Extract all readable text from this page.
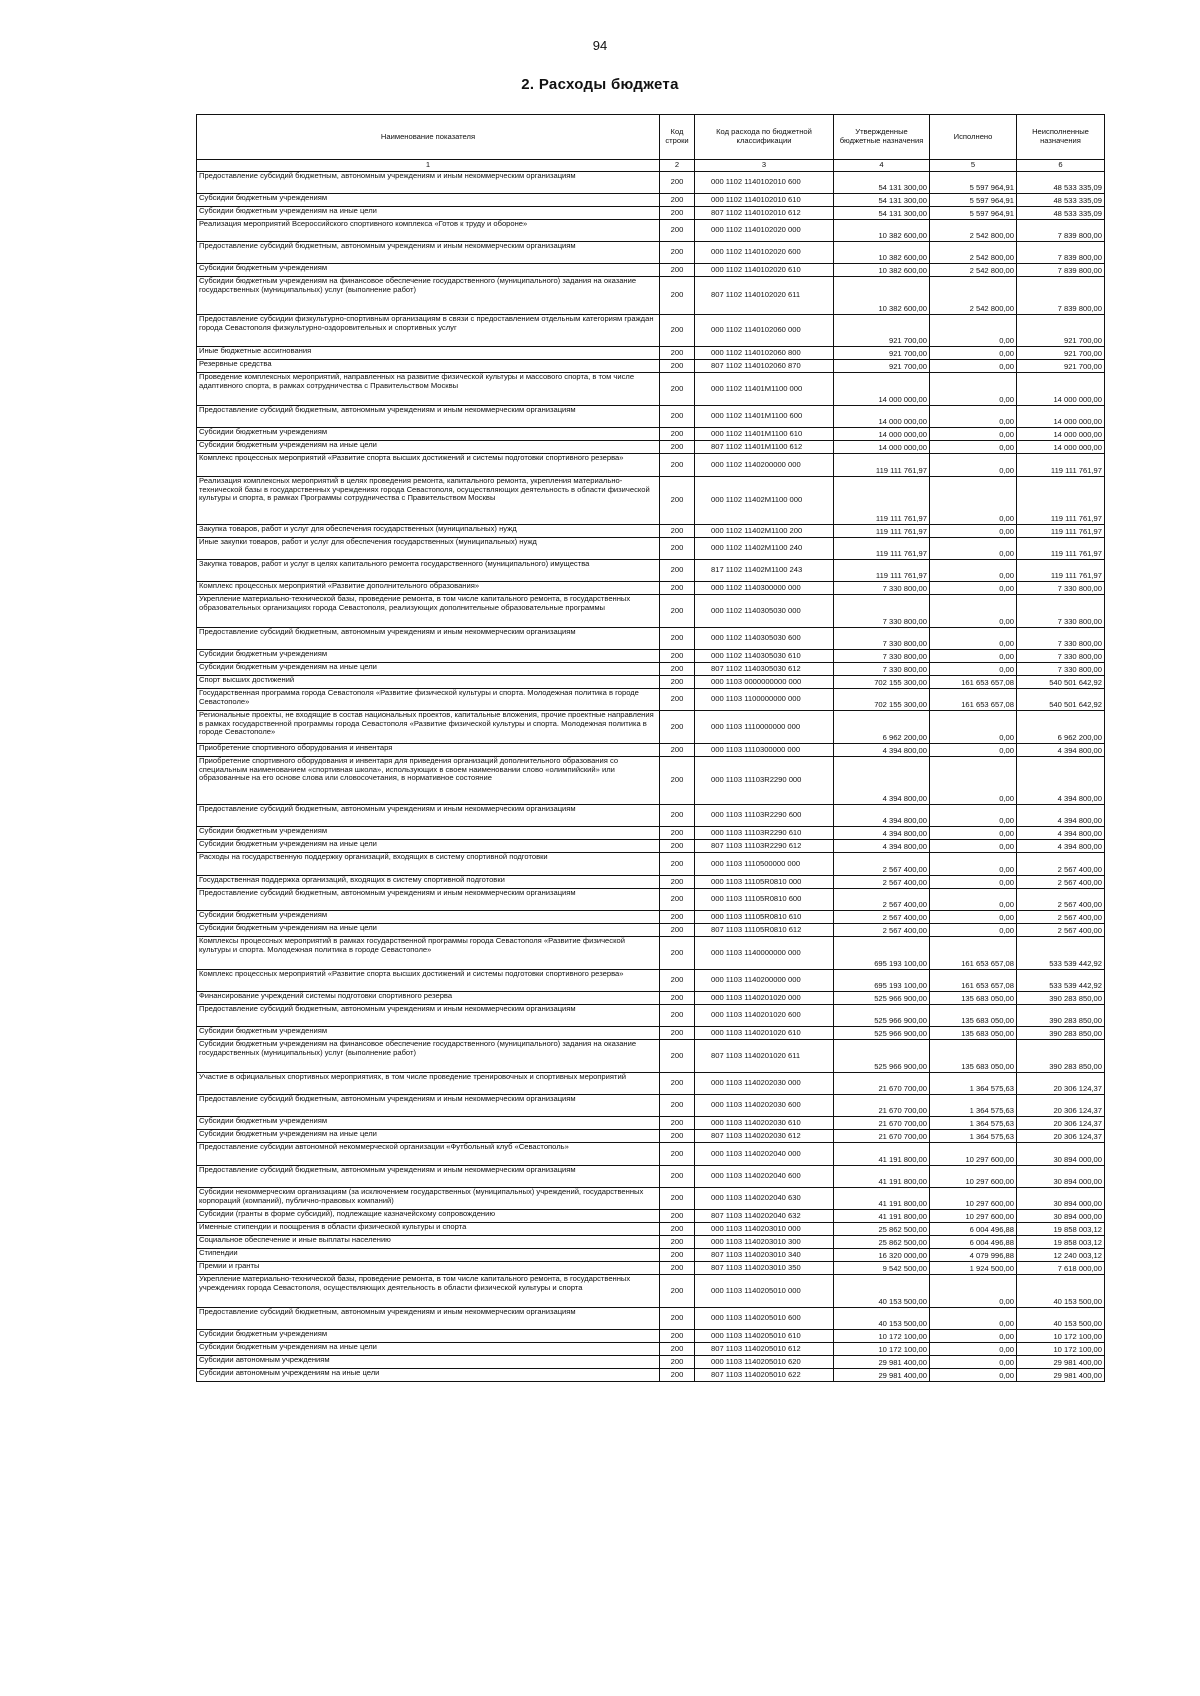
94
2. Расходы бюджета
Наименование показателя	Код строки	Код расхода по бюджетной классификации	Утвержденные бюджетные назначения	Исполнено	Неисполненные назначения
1	2	3	4	5	6
Предоставление субсидий бюджетным, автономным учреждениям и иным некоммерческим организациям	200	000 1102 1140102010 600	54 131 300,00	5 597 964,91	48 533 335,09
Субсидии бюджетным учреждениям	200	000 1102 1140102010 610	54 131 300,00	5 597 964,91	48 533 335,09
Субсидии бюджетным учреждениям на иные цели	200	807 1102 1140102010 612	54 131 300,00	5 597 964,91	48 533 335,09
Реализация мероприятий Всероссийского спортивного комплекса «Готов к труду и обороне»	200	000 1102 1140102020 000	10 382 600,00	2 542 800,00	7 839 800,00
Предоставление субсидий бюджетным, автономным учреждениям и иным некоммерческим организациям	200	000 1102 1140102020 600	10 382 600,00	2 542 800,00	7 839 800,00
Субсидии бюджетным учреждениям	200	000 1102 1140102020 610	10 382 600,00	2 542 800,00	7 839 800,00
Субсидии бюджетным учреждениям на финансовое обеспечение государственного (муниципального) задания на оказание государственных (муниципальных) услуг (выполнение работ)	200	807 1102 1140102020 611	10 382 600,00	2 542 800,00	7 839 800,00
Предоставление субсидии физкультурно-спортивным организациям в связи с предоставлением отдельным категориям граждан города Севастополя физкультурно-оздоровительных и спортивных услуг	200	000 1102 1140102060 000	921 700,00	0,00	921 700,00
Иные бюджетные ассигнования	200	000 1102 1140102060 800	921 700,00	0,00	921 700,00
Резервные средства	200	807 1102 1140102060 870	921 700,00	0,00	921 700,00
Проведение комплексных мероприятий, направленных на развитие физической культуры и массового спорта, в том числе адаптивного спорта, в рамках сотрудничества с Правительством Москвы	200	000 1102 11401М1100 000	14 000 000,00	0,00	14 000 000,00
Предоставление субсидий бюджетным, автономным учреждениям и иным некоммерческим организациям	200	000 1102 11401М1100 600	14 000 000,00	0,00	14 000 000,00
Субсидии бюджетным учреждениям	200	000 1102 11401М1100 610	14 000 000,00	0,00	14 000 000,00
Субсидии бюджетным учреждениям на иные цели	200	807 1102 11401М1100 612	14 000 000,00	0,00	14 000 000,00
Комплекс процессных мероприятий «Развитие спорта высших достижений и системы подготовки спортивного резерва»	200	000 1102 1140200000 000	119 111 761,97	0,00	119 111 761,97
Реализация комплексных мероприятий в целях проведения ремонта, капитального ремонта, укрепления материально-технической базы в государственных учреждениях города Севастополя, осуществляющих деятельность в области физической культуры и спорта, в рамках Программы сотрудничества с Правительством Москвы	200	000 1102 11402М1100 000	119 111 761,97	0,00	119 111 761,97
Закупка товаров, работ и услуг для обеспечения государственных (муниципальных) нужд	200	000 1102 11402М1100 200	119 111 761,97	0,00	119 111 761,97
Иные закупки товаров, работ и услуг для обеспечения государственных (муниципальных) нужд	200	000 1102 11402М1100 240	119 111 761,97	0,00	119 111 761,97
Закупка товаров, работ и услуг в целях капитального ремонта государственного (муниципального) имущества	200	817 1102 11402М1100 243	119 111 761,97	0,00	119 111 761,97
Комплекс процессных мероприятий «Развитие дополнительного образования»	200	000 1102 1140300000 000	7 330 800,00	0,00	7 330 800,00
Укрепление материально-технической базы, проведение ремонта, в том числе капитального ремонта, в государственных образовательных организациях города Севастополя, реализующих дополнительные образовательные программы	200	000 1102 1140305030 000	7 330 800,00	0,00	7 330 800,00
Предоставление субсидий бюджетным, автономным учреждениям и иным некоммерческим организациям	200	000 1102 1140305030 600	7 330 800,00	0,00	7 330 800,00
Субсидии бюджетным учреждениям	200	000 1102 1140305030 610	7 330 800,00	0,00	7 330 800,00
Субсидии бюджетным учреждениям на иные цели	200	807 1102 1140305030 612	7 330 800,00	0,00	7 330 800,00
Спорт высших достижений	200	000 1103 0000000000 000	702 155 300,00	161 653 657,08	540 501 642,92
Государственная программа города Севастополя «Развитие физической культуры и спорта. Молодежная политика в городе Севастополе»	200	000 1103 1100000000 000	702 155 300,00	161 653 657,08	540 501 642,92
Региональные проекты, не входящие в состав национальных проектов, капитальные вложения, прочие проектные направления в рамках государственной программы города Севастополя «Развитие физической культуры и спорта. Молодежная политика в городе Севастополе»	200	000 1103 1110000000 000	6 962 200,00	0,00	6 962 200,00
Приобретение спортивного оборудования и инвентаря	200	000 1103 1110300000 000	4 394 800,00	0,00	4 394 800,00
Приобретение спортивного оборудования и инвентаря для приведения организаций дополнительного образования со специальным наименованием «спортивная школа», использующих в своем наименовании слово «олимпийский» или образованные на его основе слова или словосочетания, в нормативное состояние	200	000 1103 11103R2290 000	4 394 800,00	0,00	4 394 800,00
Предоставление субсидий бюджетным, автономным учреждениям и иным некоммерческим организациям	200	000 1103 11103R2290 600	4 394 800,00	0,00	4 394 800,00
Субсидии бюджетным учреждениям	200	000 1103 11103R2290 610	4 394 800,00	0,00	4 394 800,00
Субсидии бюджетным учреждениям на иные цели	200	807 1103 11103R2290 612	4 394 800,00	0,00	4 394 800,00
Расходы на государственную поддержку организаций, входящих в систему спортивной подготовки	200	000 1103 1110500000 000	2 567 400,00	0,00	2 567 400,00
Государственная поддержка организаций, входящих в систему спортивной подготовки	200	000 1103 11105R0810 000	2 567 400,00	0,00	2 567 400,00
Предоставление субсидий бюджетным, автономным учреждениям и иным некоммерческим организациям	200	000 1103 11105R0810 600	2 567 400,00	0,00	2 567 400,00
Субсидии бюджетным учреждениям	200	000 1103 11105R0810 610	2 567 400,00	0,00	2 567 400,00
Субсидии бюджетным учреждениям на иные цели	200	807 1103 11105R0810 612	2 567 400,00	0,00	2 567 400,00
Комплексы процессных мероприятий в рамках государственной программы города Севастополя «Развитие физической культуры и спорта. Молодежная политика в городе Севастополе»	200	000 1103 1140000000 000	695 193 100,00	161 653 657,08	533 539 442,92
Комплекс процессных мероприятий «Развитие спорта высших достижений и системы подготовки спортивного резерва»	200	000 1103 1140200000 000	695 193 100,00	161 653 657,08	533 539 442,92
Финансирование учреждений системы подготовки спортивного резерва	200	000 1103 1140201020 000	525 966 900,00	135 683 050,00	390 283 850,00
Предоставление субсидий бюджетным, автономным учреждениям и иным некоммерческим организациям	200	000 1103 1140201020 600	525 966 900,00	135 683 050,00	390 283 850,00
Субсидии бюджетным учреждениям	200	000 1103 1140201020 610	525 966 900,00	135 683 050,00	390 283 850,00
Субсидии бюджетным учреждениям на финансовое обеспечение государственного (муниципального) задания на оказание государственных (муниципальных) услуг (выполнение работ)	200	807 1103 1140201020 611	525 966 900,00	135 683 050,00	390 283 850,00
Участие в официальных спортивных мероприятиях, в том числе проведение тренировочных и спортивных мероприятий	200	000 1103 1140202030 000	21 670 700,00	1 364 575,63	20 306 124,37
Предоставление субсидий бюджетным, автономным учреждениям и иным некоммерческим организациям	200	000 1103 1140202030 600	21 670 700,00	1 364 575,63	20 306 124,37
Субсидии бюджетным учреждениям	200	000 1103 1140202030 610	21 670 700,00	1 364 575,63	20 306 124,37
Субсидии бюджетным учреждениям на иные цели	200	807 1103 1140202030 612	21 670 700,00	1 364 575,63	20 306 124,37
Предоставление субсидии автономной некоммерческой организации «Футбольный клуб «Севастополь»	200	000 1103 1140202040 000	41 191 800,00	10 297 600,00	30 894 000,00
Предоставление субсидий бюджетным, автономным учреждениям и иным некоммерческим организациям	200	000 1103 1140202040 600	41 191 800,00	10 297 600,00	30 894 000,00
Субсидии некоммерческим организациям (за исключением государственных (муниципальных) учреждений, государственных корпораций (компаний), публично-правовых компаний)	200	000 1103 1140202040 630	41 191 800,00	10 297 600,00	30 894 000,00
Субсидии (гранты в форме субсидий), подлежащие казначейскому сопровождению	200	807 1103 1140202040 632	41 191 800,00	10 297 600,00	30 894 000,00
Именные стипендии и поощрения в области физической культуры и спорта	200	000 1103 1140203010 000	25 862 500,00	6 004 496,88	19 858 003,12
Социальное обеспечение и иные выплаты населению	200	000 1103 1140203010 300	25 862 500,00	6 004 496,88	19 858 003,12
Стипендии	200	807 1103 1140203010 340	16 320 000,00	4 079 996,88	12 240 003,12
Премии и гранты	200	807 1103 1140203010 350	9 542 500,00	1 924 500,00	7 618 000,00
Укрепление материально-технической базы, проведение ремонта, в том числе капитального ремонта, в государственных учреждениях города Севастополя, осуществляющих деятельность в области физической культуры и спорта	200	000 1103 1140205010 000	40 153 500,00	0,00	40 153 500,00
Предоставление субсидий бюджетным, автономным учреждениям и иным некоммерческим организациям	200	000 1103 1140205010 600	40 153 500,00	0,00	40 153 500,00
Субсидии бюджетным учреждениям	200	000 1103 1140205010 610	10 172 100,00	0,00	10 172 100,00
Субсидии бюджетным учреждениям на иные цели	200	807 1103 1140205010 612	10 172 100,00	0,00	10 172 100,00
Субсидии автономным учреждениям	200	000 1103 1140205010 620	29 981 400,00	0,00	29 981 400,00
Субсидии автономным учреждениям на иные цели	200	807 1103 1140205010 622	29 981 400,00	0,00	29 981 400,00
